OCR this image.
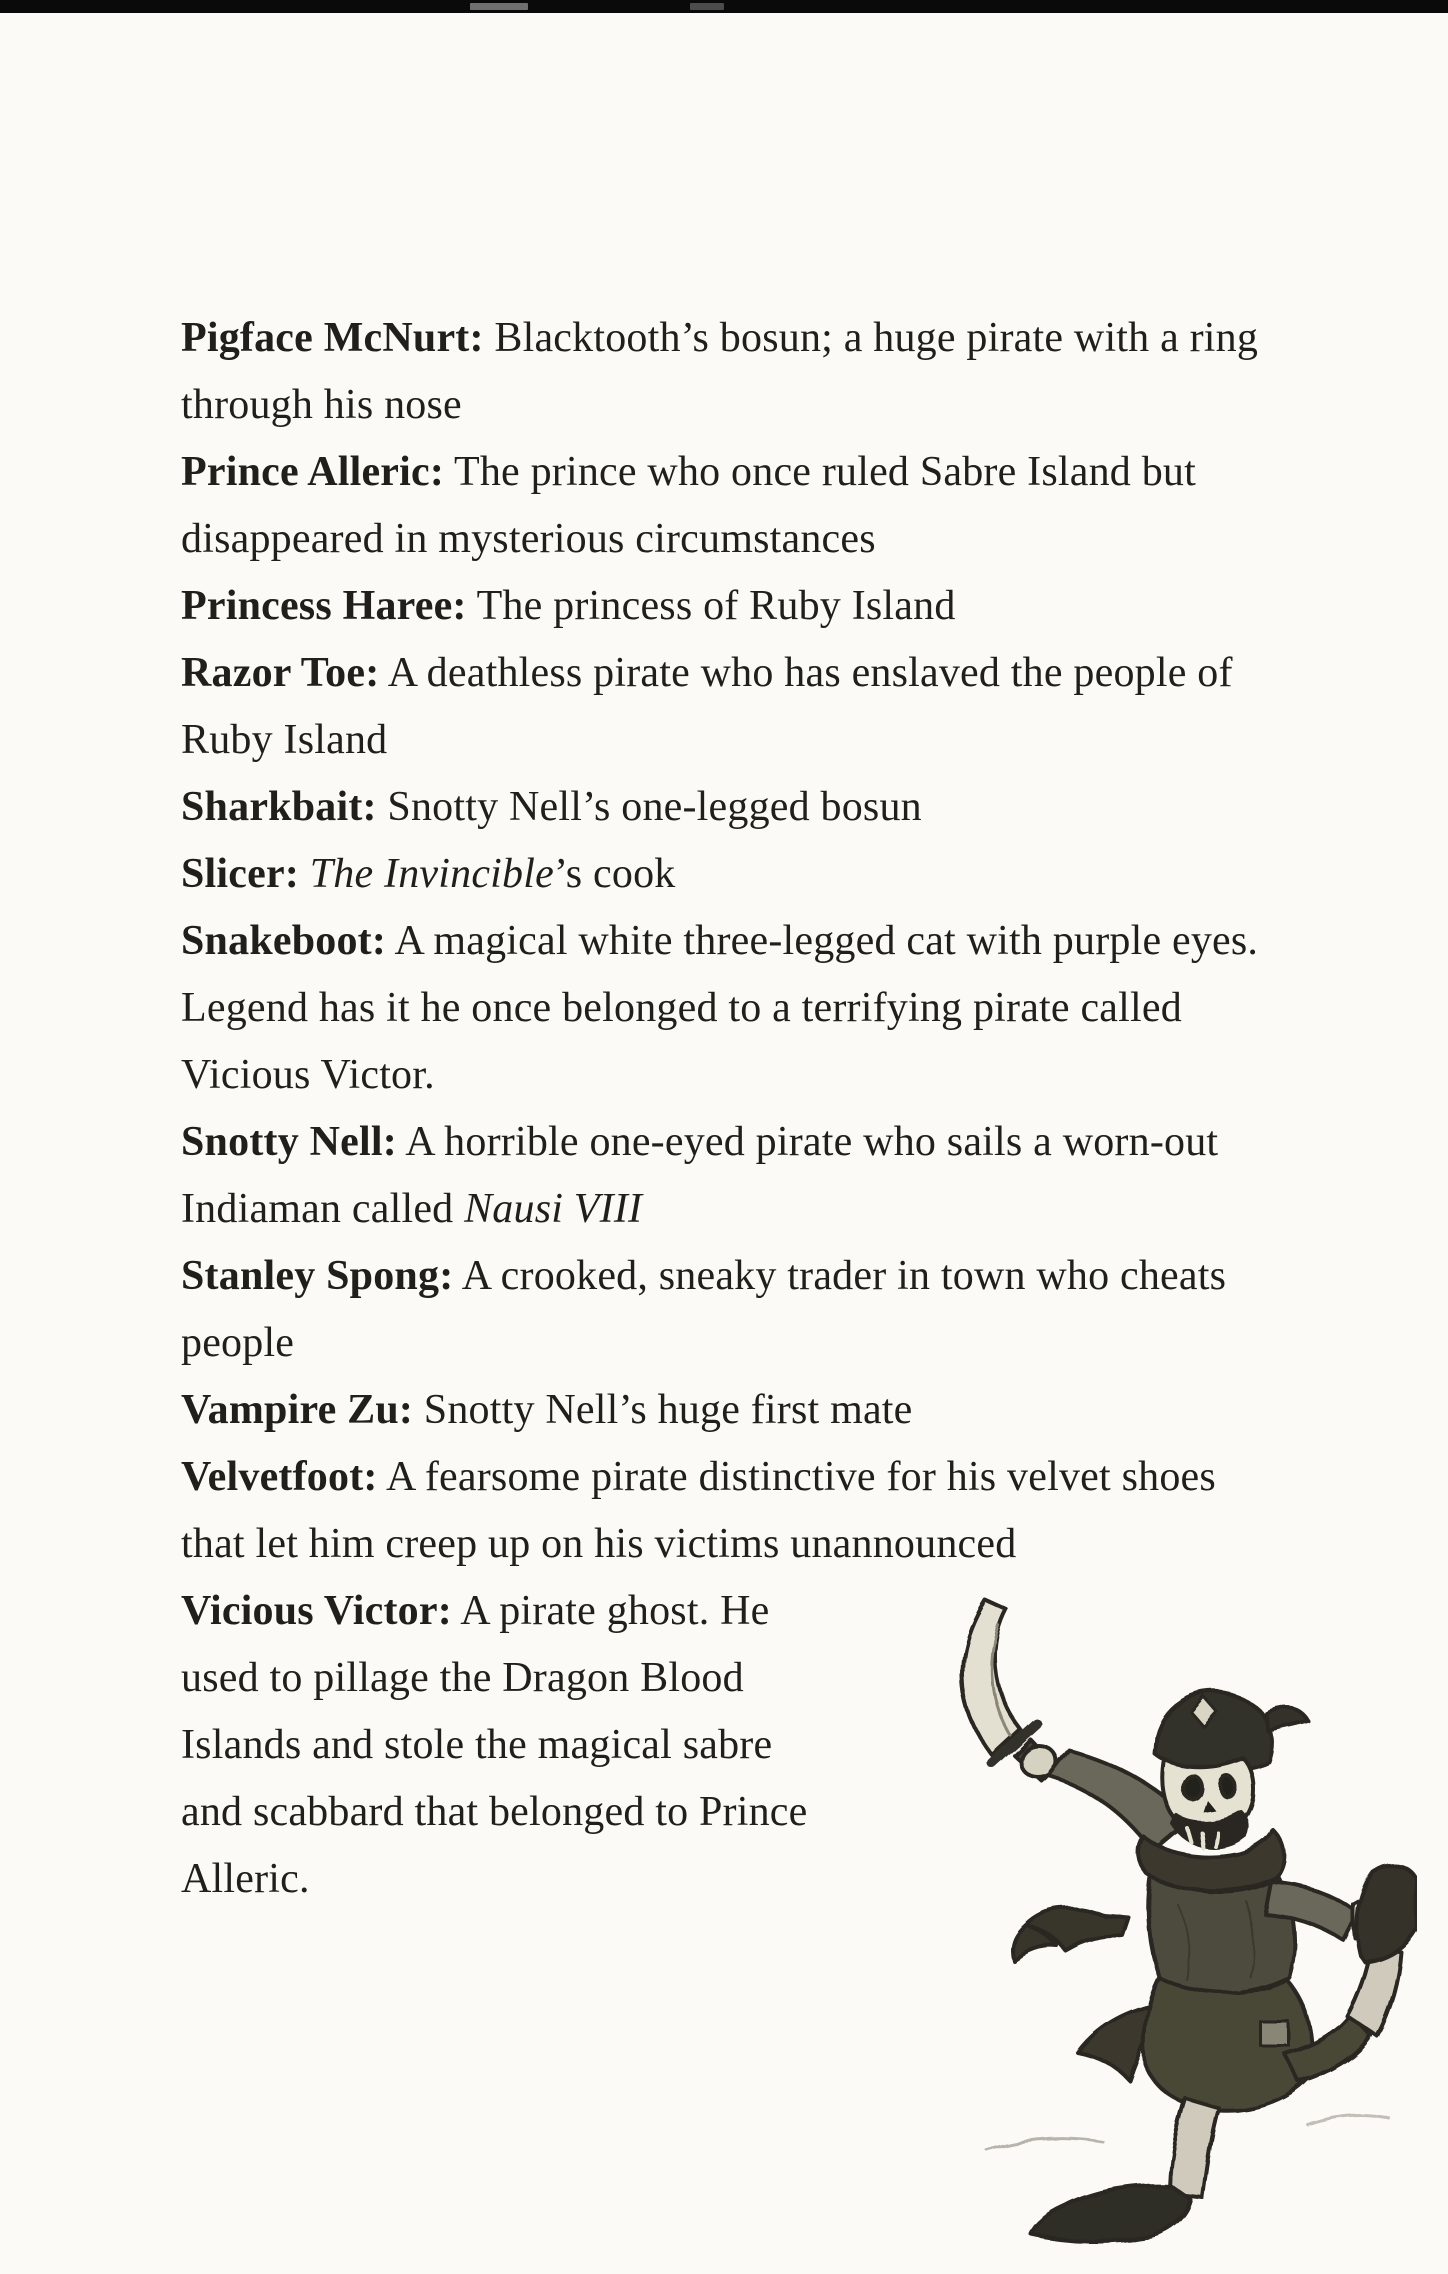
Pigface McNurt: Blacktooth’s bosun; a huge pirate with a ring through his nose

Prince Alleric: The prince who once ruled Sabre Island but disappeared in mysterious circumstances

Princess Haree: The princess of Ruby Island

Razor Toe: A deathless pirate who has enslaved the people of Ruby Island

Sharkbait: Snotty Nell’s one-legged bosun

Slicer: The Invincible’s cook

Snakeboot: A magical white three-legged cat with purple eyes. Legend has it he once belonged to a terrifying pirate called Vicious Victor.

Snotty Nell: A horrible one-eyed pirate who sails a worn-out Indiaman called Nausi VIII

Stanley Spong: A crooked, sneaky trader in town who cheats people

Vampire Zu: Snotty Nell’s huge first mate

Velvetfoot: A fearsome pirate distinctive for his velvet shoes that let him creep up on his victims unannounced

Vicious Victor: A pirate ghost. He used to pillage the Dragon Blood Islands and stole the magical sabre and scabbard that belonged to Prince Alleric.
